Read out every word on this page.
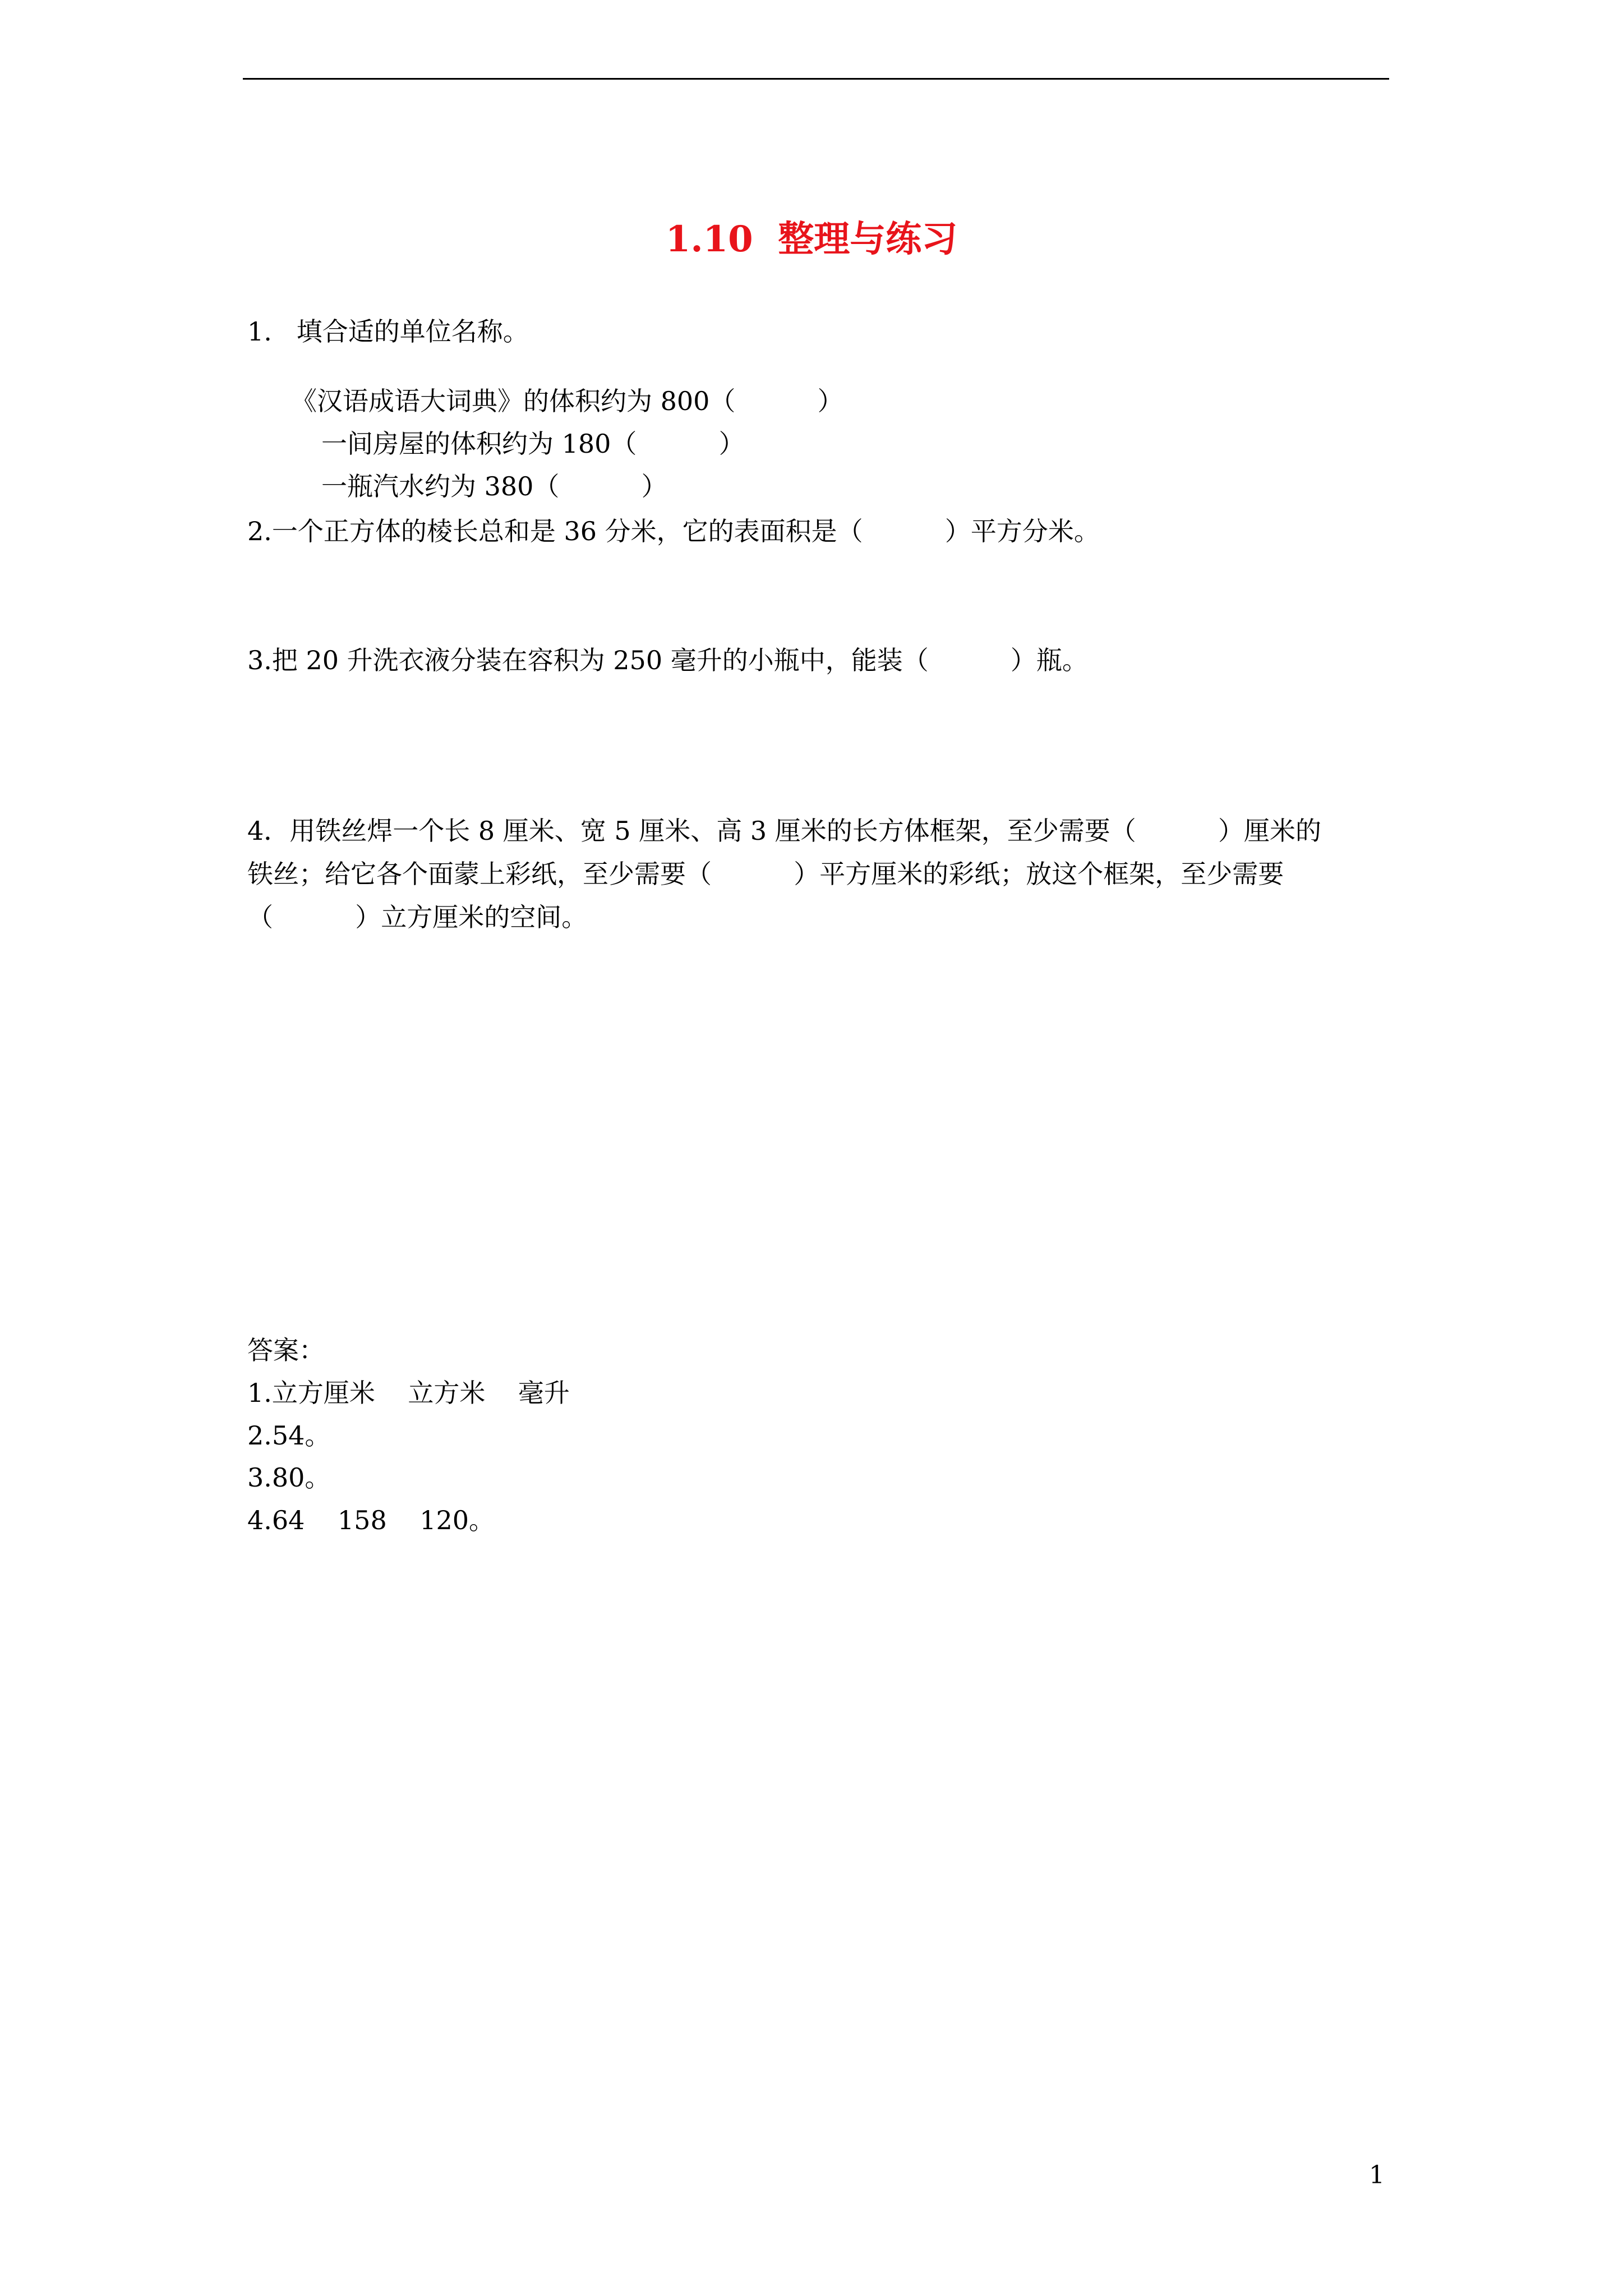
1.10  整理与练习
1.   填合适的单位名称。
《汉语成语大词典》的体积约为 800（          ）
一间房屋的体积约为 180（          ）
一瓶汽水约为 380（          ）
2.一个正方体的棱长总和是 36 分米，它的表面积是（          ）平方分米。
3.把 20 升洗衣液分装在容积为 250 毫升的小瓶中，能装（          ）瓶。
4．用铁丝焊一个长 8 厘米、宽 5 厘米、高 3 厘米的长方体框架，至少需要（          ）厘米的
铁丝；给它各个面蒙上彩纸，至少需要（          ）平方厘米的彩纸；放这个框架，至少需要
（          ）立方厘米的空间。
答案：
1.立方厘米    立方米    毫升
2.54。
3.80。
4.64    158    120。
1
